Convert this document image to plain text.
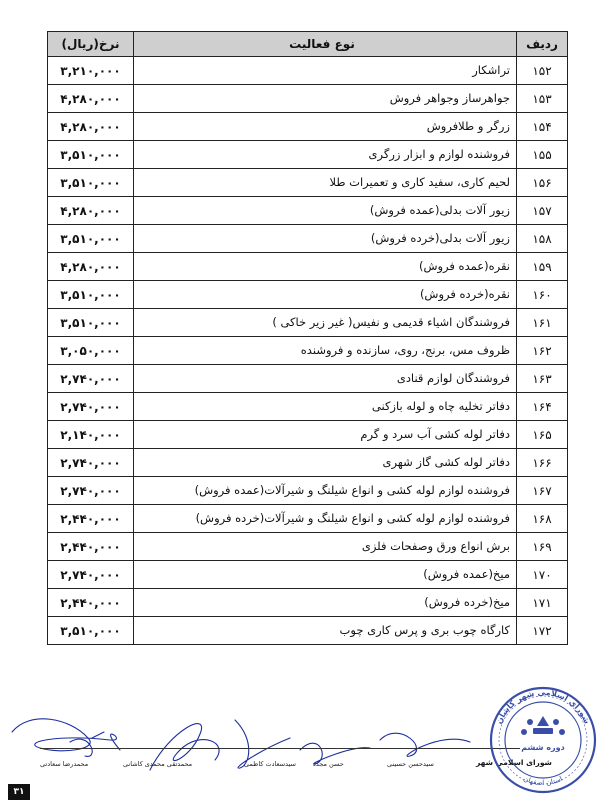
ردیف	نوع فعالیت	نرخ(ریال)
۱۵۲	تراشکار	۳,۲۱۰,۰۰۰
۱۵۳	جواهرساز وجواهر فروش	۴,۲۸۰,۰۰۰
۱۵۴	زرگر و طلافروش	۴,۲۸۰,۰۰۰
۱۵۵	فروشنده لوازم و ابزار زرگری	۳,۵۱۰,۰۰۰
۱۵۶	لحیم کاری، سفید کاری و تعمیرات طلا	۳,۵۱۰,۰۰۰
۱۵۷	زیور آلات بدلی(عمده فروش)	۴,۲۸۰,۰۰۰
۱۵۸	زیور آلات بدلی(خرده فروش)	۳,۵۱۰,۰۰۰
۱۵۹	نقره(عمده فروش)	۴,۲۸۰,۰۰۰
۱۶۰	نقره(خرده فروش)	۳,۵۱۰,۰۰۰
۱۶۱	فروشندگان اشیاء قدیمی و نفیس( غیر زیر خاکی )	۳,۵۱۰,۰۰۰
۱۶۲	ظروف مس، برنج، روی، سازنده و فروشنده	۳,۰۵۰,۰۰۰
۱۶۳	فروشندگان لوازم قنادی	۲,۷۴۰,۰۰۰
۱۶۴	دفاتر تخلیه چاه و لوله بازکنی	۲,۷۴۰,۰۰۰
۱۶۵	دفاتر لوله کشی آب سرد و گرم	۲,۱۴۰,۰۰۰
۱۶۶	دفاتر لوله کشی گاز شهری	۲,۷۴۰,۰۰۰
۱۶۷	فروشنده لوازم لوله کشی و انواع شیلنگ و شیرآلات(عمده فروش)	۲,۷۴۰,۰۰۰
۱۶۸	فروشنده لوازم لوله کشی و انواع شیلنگ و شیرآلات(خرده فروش)	۲,۴۴۰,۰۰۰
۱۶۹	برش انواع ورق وصفحات فلزی	۲,۴۴۰,۰۰۰
۱۷۰	میخ(عمده فروش)	۲,۷۴۰,۰۰۰
۱۷۱	میخ(خرده فروش)	۲,۴۴۰,۰۰۰
۱۷۲	کارگاه چوب بری و پرس کاری چوب	۳,۵۱۰,۰۰۰
محمدرضا سعادتی	محمدتقی محمدی کاشانی	سیدسعادت کاظمی	حسن مجدد	سیدحسن حسینی	شورای اسلامی شهر
شورای اسلامی شهر کاشان
استان اصفهان
دوره ششم
۳۱
